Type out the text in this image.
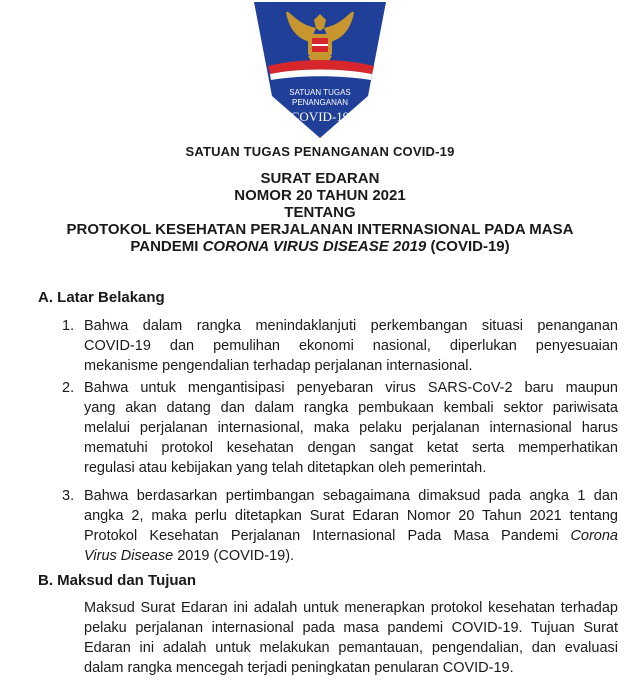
SATUAN TUGAS
PENANGANAN
COVID-19
SATUAN TUGAS PENANGANAN COVID-19
SURAT EDARAN
NOMOR 20 TAHUN 2021
TENTANG
PROTOKOL KESEHATAN PERJALANAN INTERNASIONAL PADA MASA
PANDEMI CORONA VIRUS DISEASE 2019 (COVID-19)
A. Latar Belakang
1. Bahwa dalam rangka menindaklanjuti perkembangan situasi penanganan
COVID-19 dan pemulihan ekonomi nasional, diperlukan penyesuaian
mekanisme pengendalian terhadap perjalanan internasional.
2. Bahwa untuk mengantisipasi penyebaran virus SARS-CoV-2 baru maupun
yang akan datang dan dalam rangka pembukaan kembali sektor pariwisata
melalui perjalanan internasional, maka pelaku perjalanan internasional harus
mematuhi protokol kesehatan dengan sangat ketat serta memperhatikan
regulasi atau kebijakan yang telah ditetapkan oleh pemerintah.
3. Bahwa berdasarkan pertimbangan sebagaimana dimaksud pada angka 1 dan
angka 2, maka perlu ditetapkan Surat Edaran Nomor 20 Tahun 2021 tentang
Protokol Kesehatan Perjalanan Internasional Pada Masa Pandemi Corona
Virus Disease 2019 (COVID-19).
B. Maksud dan Tujuan
Maksud Surat Edaran ini adalah untuk menerapkan protokol kesehatan terhadap
pelaku perjalanan internasional pada masa pandemi COVID-19. Tujuan Surat
Edaran ini adalah untuk melakukan pemantauan, pengendalian, dan evaluasi
dalam rangka mencegah terjadi peningkatan penularan COVID-19.
